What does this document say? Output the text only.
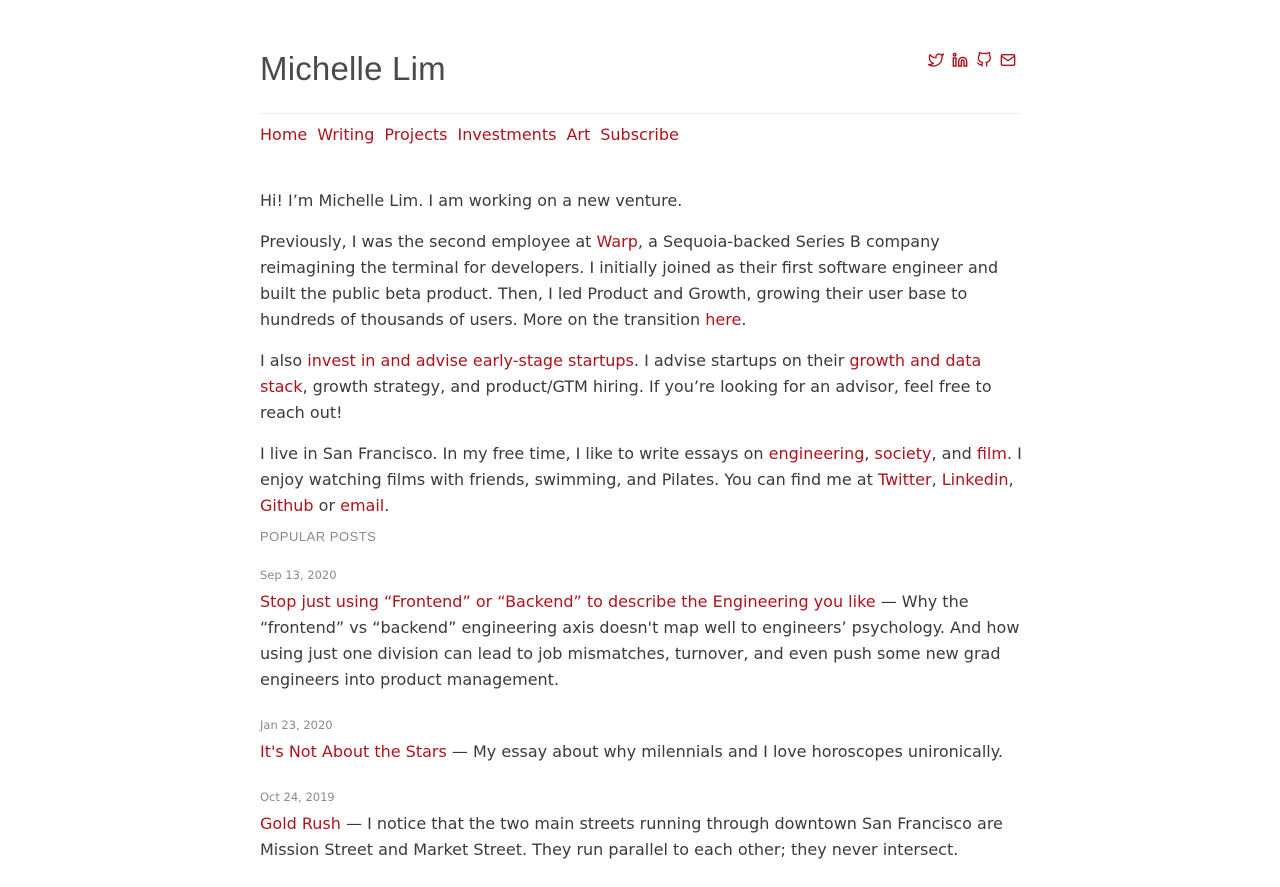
Michelle Lim
Home Writing Projects Investments Art Subscribe

Hi! I’m Michelle Lim. I am working on a new venture.

Previously, I was the second employee at Warp, a Sequoia-backed Series B company reimagining the terminal for developers. I initially joined as their first software engineer and built the public beta product. Then, I led Product and Growth, growing their user base to hundreds of thousands of users. More on the transition here.

I also invest in and advise early-stage startups. I advise startups on their growth and data stack, growth strategy, and product/GTM hiring. If you’re looking for an advisor, feel free to reach out!

I live in San Francisco. In my free time, I like to write essays on engineering, society, and film. I enjoy watching films with friends, swimming, and Pilates. You can find me at Twitter, Linkedin, Github or email.

POPULAR POSTS
Sep 13, 2020
Stop just using “Frontend” or “Backend” to describe the Engineering you like — Why the “frontend” vs “backend” engineering axis doesn't map well to engineers’ psychology. And how using just one division can lead to job mismatches, turnover, and even push some new grad engineers into product management.
Jan 23, 2020
It's Not About the Stars — My essay about why milennials and I love horoscopes unironically.
Oct 24, 2019
Gold Rush — I notice that the two main streets running through downtown San Francisco are Mission Street and Market Street. They run parallel to each other; they never intersect.
